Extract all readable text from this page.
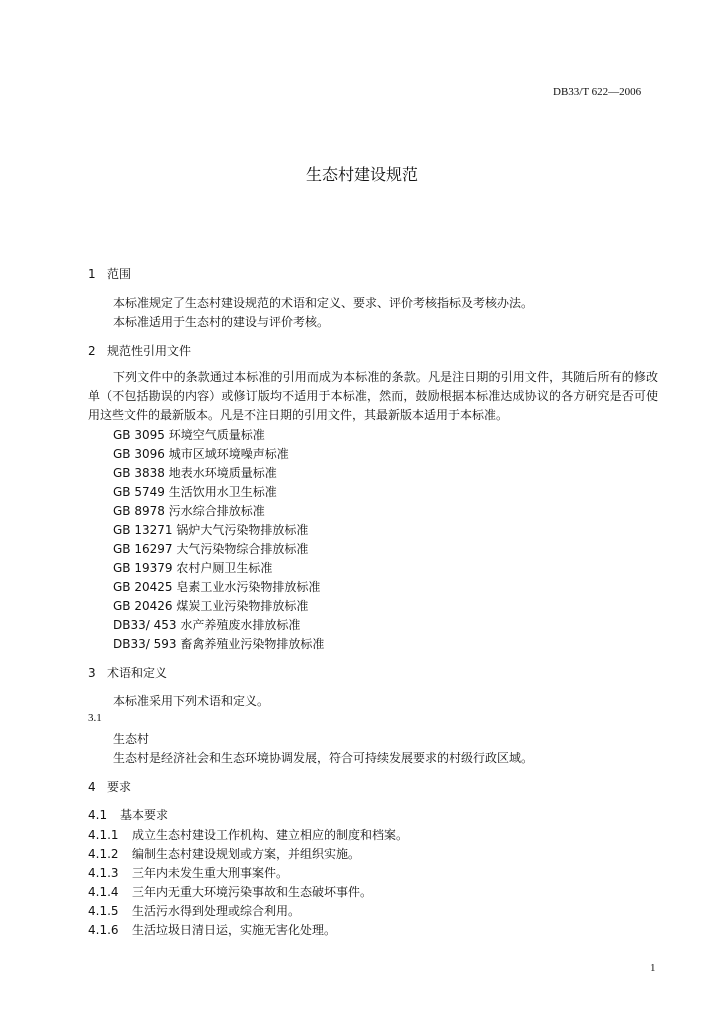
DB33/T 622—2006
生态村建设规范
1 范围
本标准规定了生态村建设规范的术语和定义、要求、评价考核指标及考核办法。
本标准适用于生态村的建设与评价考核。
2 规范性引用文件
下列文件中的条款通过本标准的引用而成为本标准的条款。凡是注日期的引用文件，其随后所有的修改单（不包括勘误的内容）或修订版均不适用于本标准，然而，鼓励根据本标准达成协议的各方研究是否可使用这些文件的最新版本。凡是不注日期的引用文件，其最新版本适用于本标准。
GB 3095 环境空气质量标准
GB 3096 城市区域环境噪声标准
GB 3838 地表水环境质量标准
GB 5749 生活饮用水卫生标准
GB 8978 污水综合排放标准
GB 13271 锅炉大气污染物排放标准
GB 16297 大气污染物综合排放标准
GB 19379 农村户厕卫生标准
GB 20425 皂素工业水污染物排放标准
GB 20426 煤炭工业污染物排放标准
DB33/ 453 水产养殖废水排放标准
DB33/ 593 畜禽养殖业污染物排放标准
3 术语和定义
本标准采用下列术语和定义。
3.1
生态村
生态村是经济社会和生态环境协调发展，符合可持续发展要求的村级行政区域。
4 要求
4.1 基本要求
4.1.1 成立生态村建设工作机构、建立相应的制度和档案。
4.1.2 编制生态村建设规划或方案，并组织实施。
4.1.3 三年内未发生重大刑事案件。
4.1.4 三年内无重大环境污染事故和生态破坏事件。
4.1.5 生活污水得到处理或综合利用。
4.1.6 生活垃圾日清日运，实施无害化处理。
1
